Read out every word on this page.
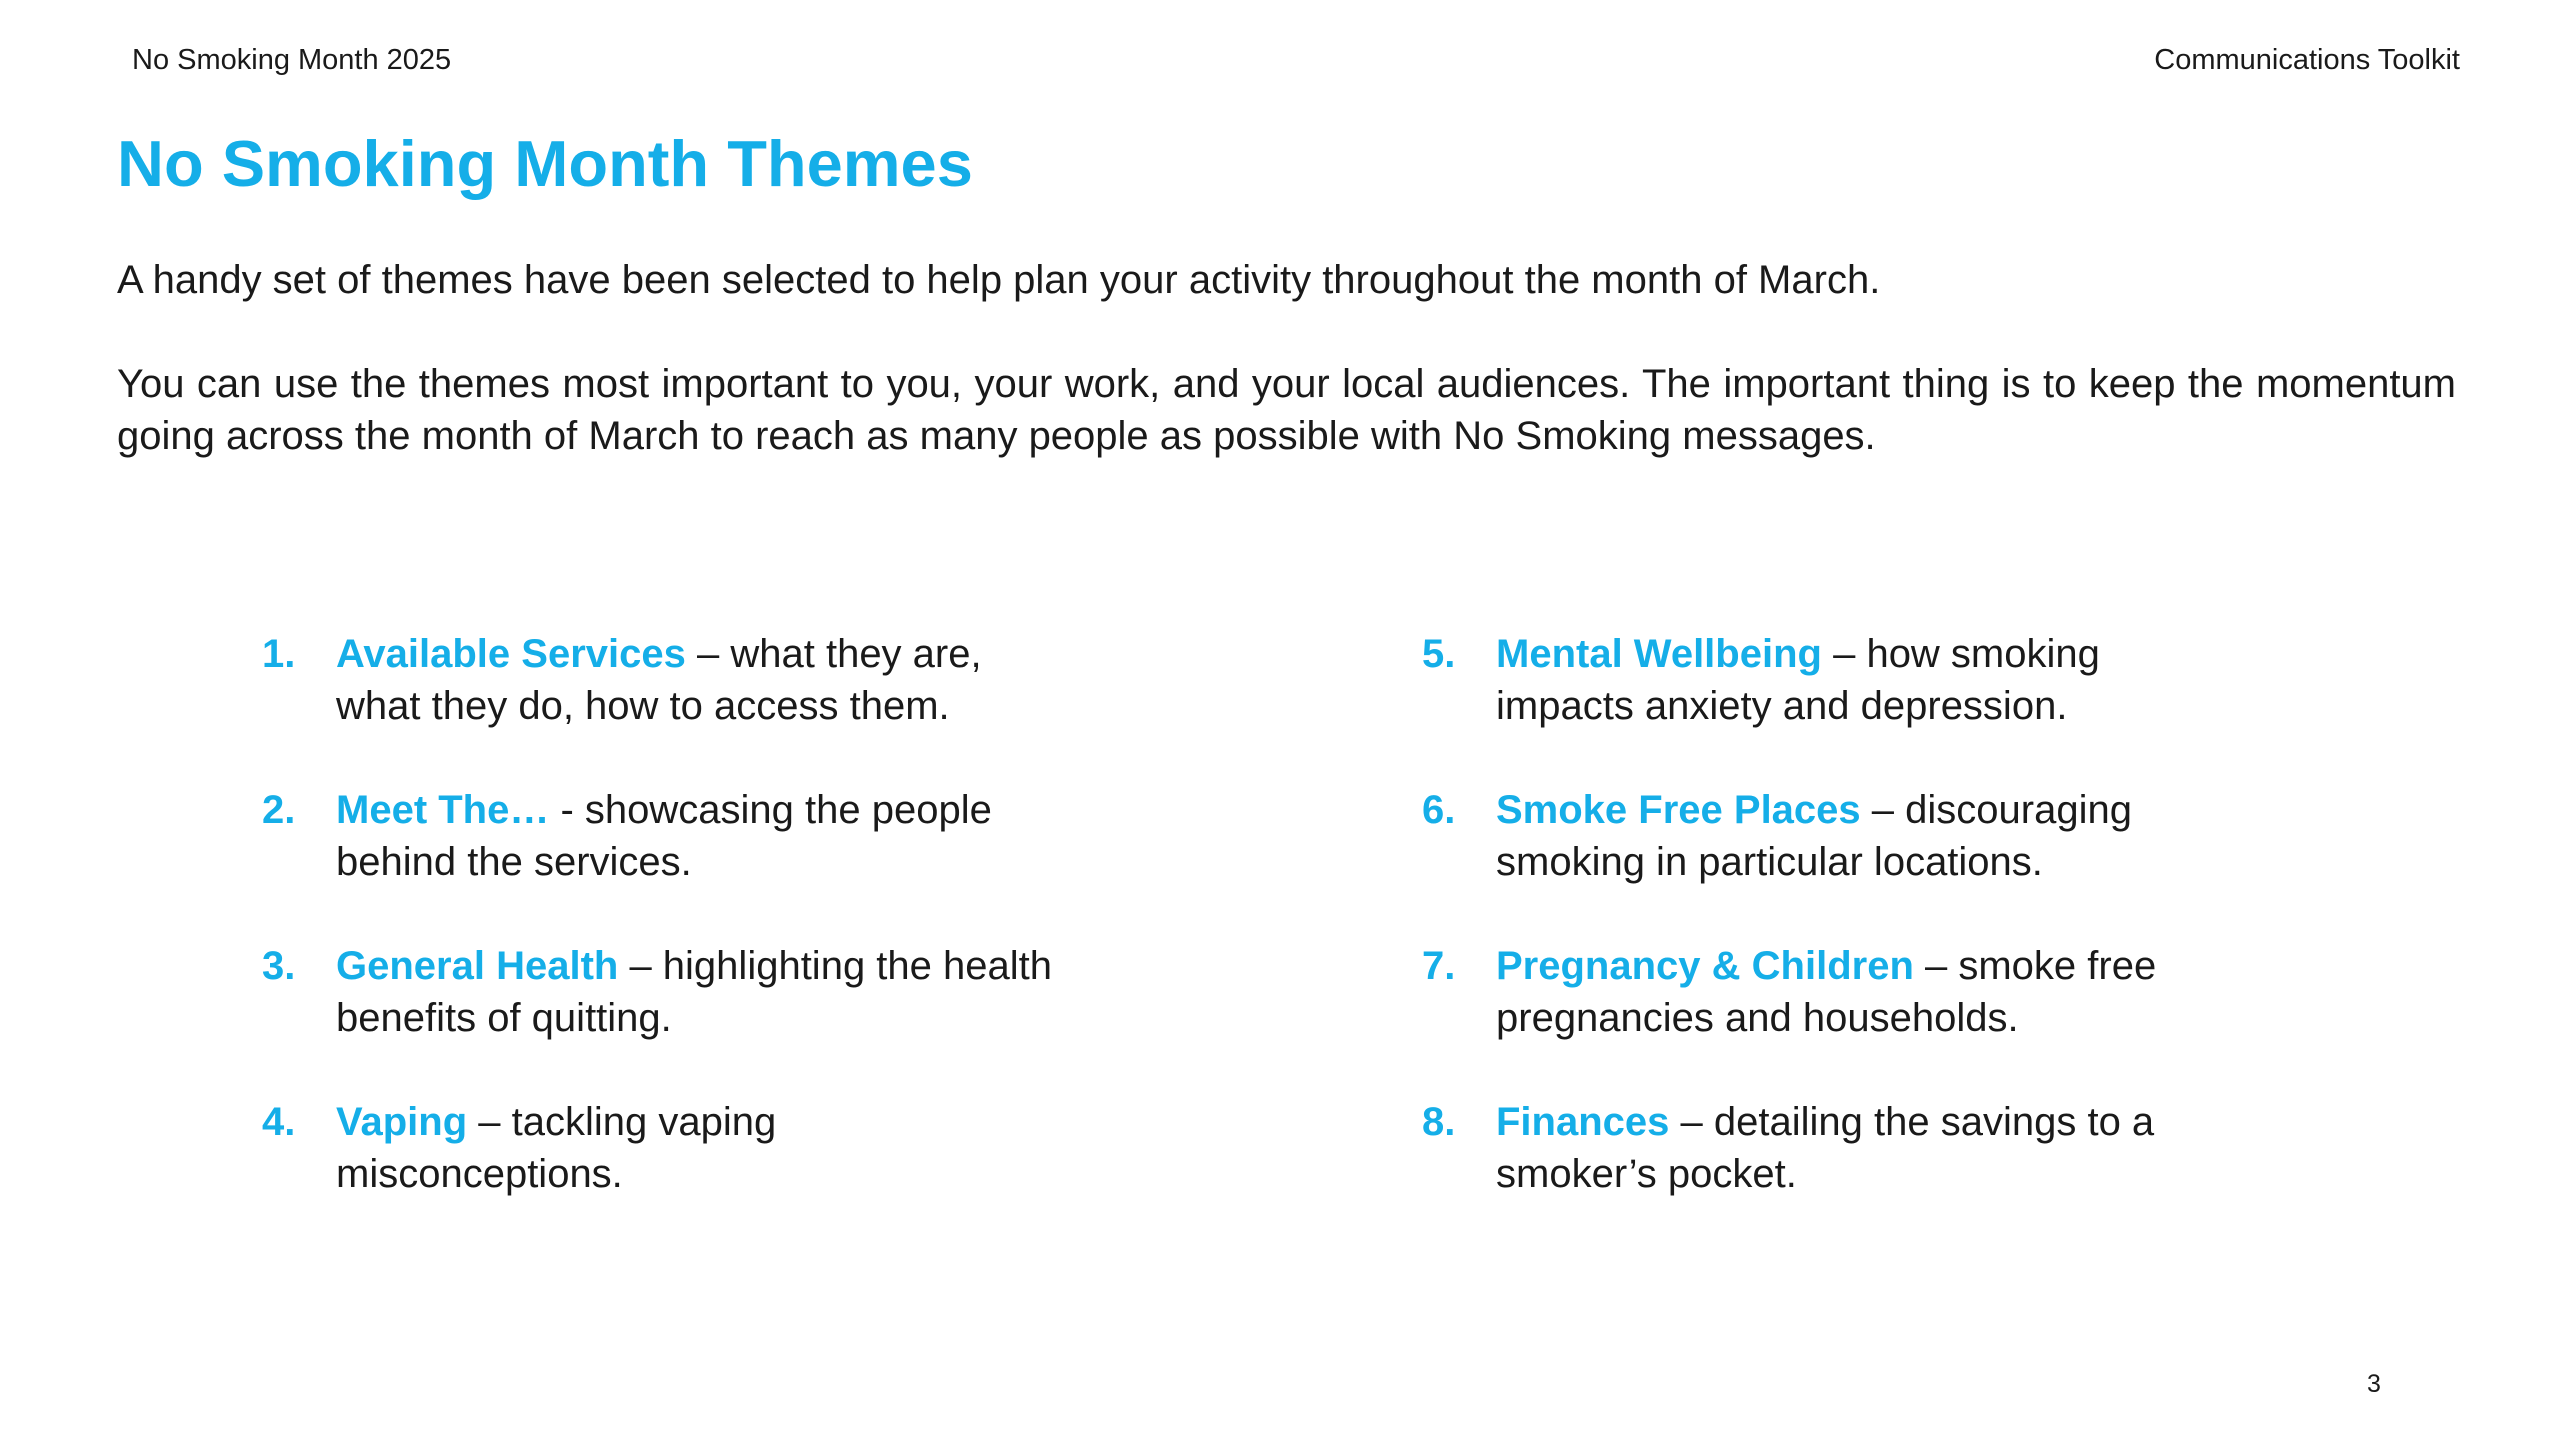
No Smoking Month 2025	Communications Toolkit
No Smoking Month Themes

A handy set of themes have been selected to help plan your activity throughout the month of March.

You can use the themes most important to you, your work, and your local audiences. The important thing is to keep the momentum going across the month of March to reach as many people as possible with No Smoking messages.

1. Available Services – what they are, what they do, how to access them.
2. Meet The… - showcasing the people behind the services.
3. General Health – highlighting the health benefits of quitting.
4. Vaping – tackling vaping misconceptions.
5. Mental Wellbeing – how smoking impacts anxiety and depression.
6. Smoke Free Places – discouraging smoking in particular locations.
7. Pregnancy & Children – smoke free pregnancies and households.
8. Finances – detailing the savings to a smoker’s pocket.
3
